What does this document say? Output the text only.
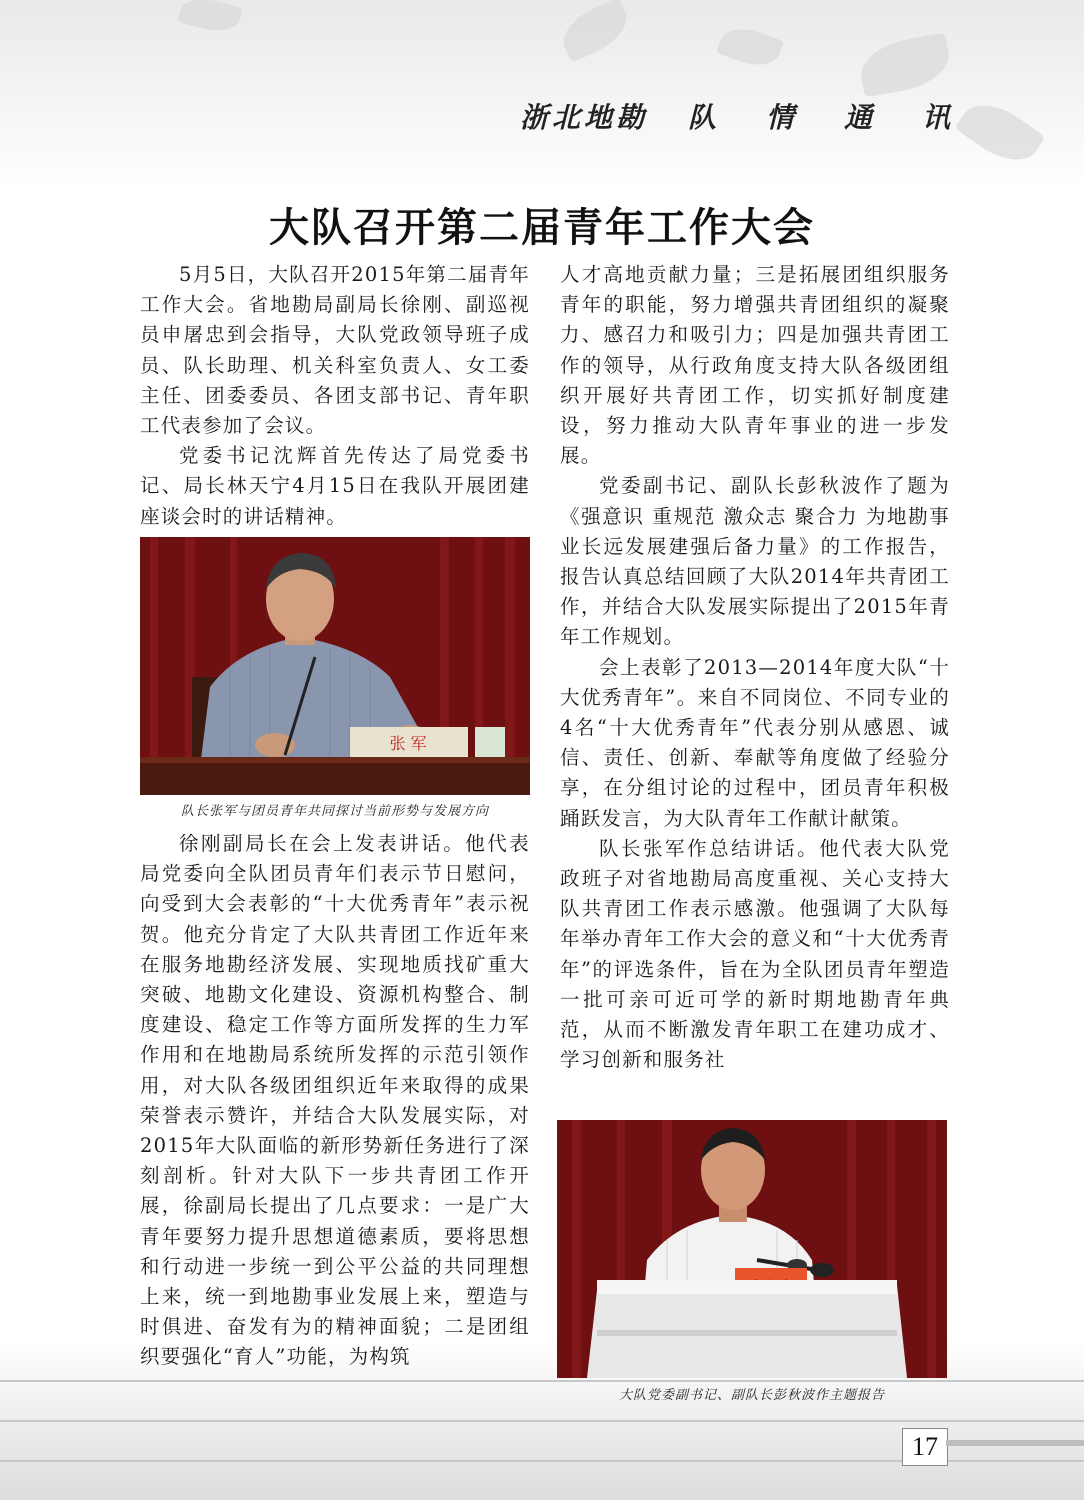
浙北地勘 队 情 通 讯
大队召开第二届青年工作大会

5月5日，大队召开2015年第二届青年工作大会。省地勘局副局长徐刚、副巡视员申屠忠到会指导，大队党政领导班子成员、队长助理、机关科室负责人、女工委主任、团委委员、各团支部书记、青年职工代表参加了会议。

党委书记沈辉首先传达了局党委书记、局长林天宁4月15日在我队开展团建座谈会时的讲话精神。

张 军
队长张军与团员青年共同探讨当前形势与发展方向

徐刚副局长在会上发表讲话。他代表局党委向全队团员青年们表示节日慰问，向受到大会表彰的“十大优秀青年”表示祝贺。他充分肯定了大队共青团工作近年来在服务地勘经济发展、实现地质找矿重大突破、地勘文化建设、资源机构整合、制度建设、稳定工作等方面所发挥的生力军作用和在地勘局系统所发挥的示范引领作用，对大队各级团组织近年来取得的成果荣誉表示赞许，并结合大队发展实际，对2015年大队面临的新形势新任务进行了深刻剖析。针对大队下一步共青团工作开展，徐副局长提出了几点要求：一是广大青年要努力提升思想道德素质，要将思想和行动进一步统一到公平公益的共同理想上来，统一到地勘事业发展上来，塑造与时俱进、奋发有为的精神面貌；二是团组织要强化“育人”功能，为构筑

人才高地贡献力量；三是拓展团组织服务青年的职能，努力增强共青团组织的凝聚力、感召力和吸引力；四是加强共青团工作的领导，从行政角度支持大队各级团组织开展好共青团工作，切实抓好制度建设，努力推动大队青年事业的进一步发展。

党委副书记、副队长彭秋波作了题为《强意识 重规范 激众志 聚合力 为地勘事业长远发展建强后备力量》的工作报告，报告认真总结回顾了大队2014年共青团工作，并结合大队发展实际提出了2015年青年工作规划。

会上表彰了2013—2014年度大队“十大优秀青年”。来自不同岗位、不同专业的4名“十大优秀青年”代表分别从感恩、诚信、责任、创新、奉献等角度做了经验分享，在分组讨论的过程中，团员青年积极踊跃发言，为大队青年工作献计献策。

队长张军作总结讲话。他代表大队党政班子对省地勘局高度重视、关心支持大队共青团工作表示感激。他强调了大队每年举办青年工作大会的意义和“十大优秀青年”的评选条件，旨在为全队团员青年塑造一批可亲可近可学的新时期地勘青年典范，从而不断激发青年职工在建功成才、学习创新和服务社

大队党委副书记、副队长彭秋波作主题报告
17
